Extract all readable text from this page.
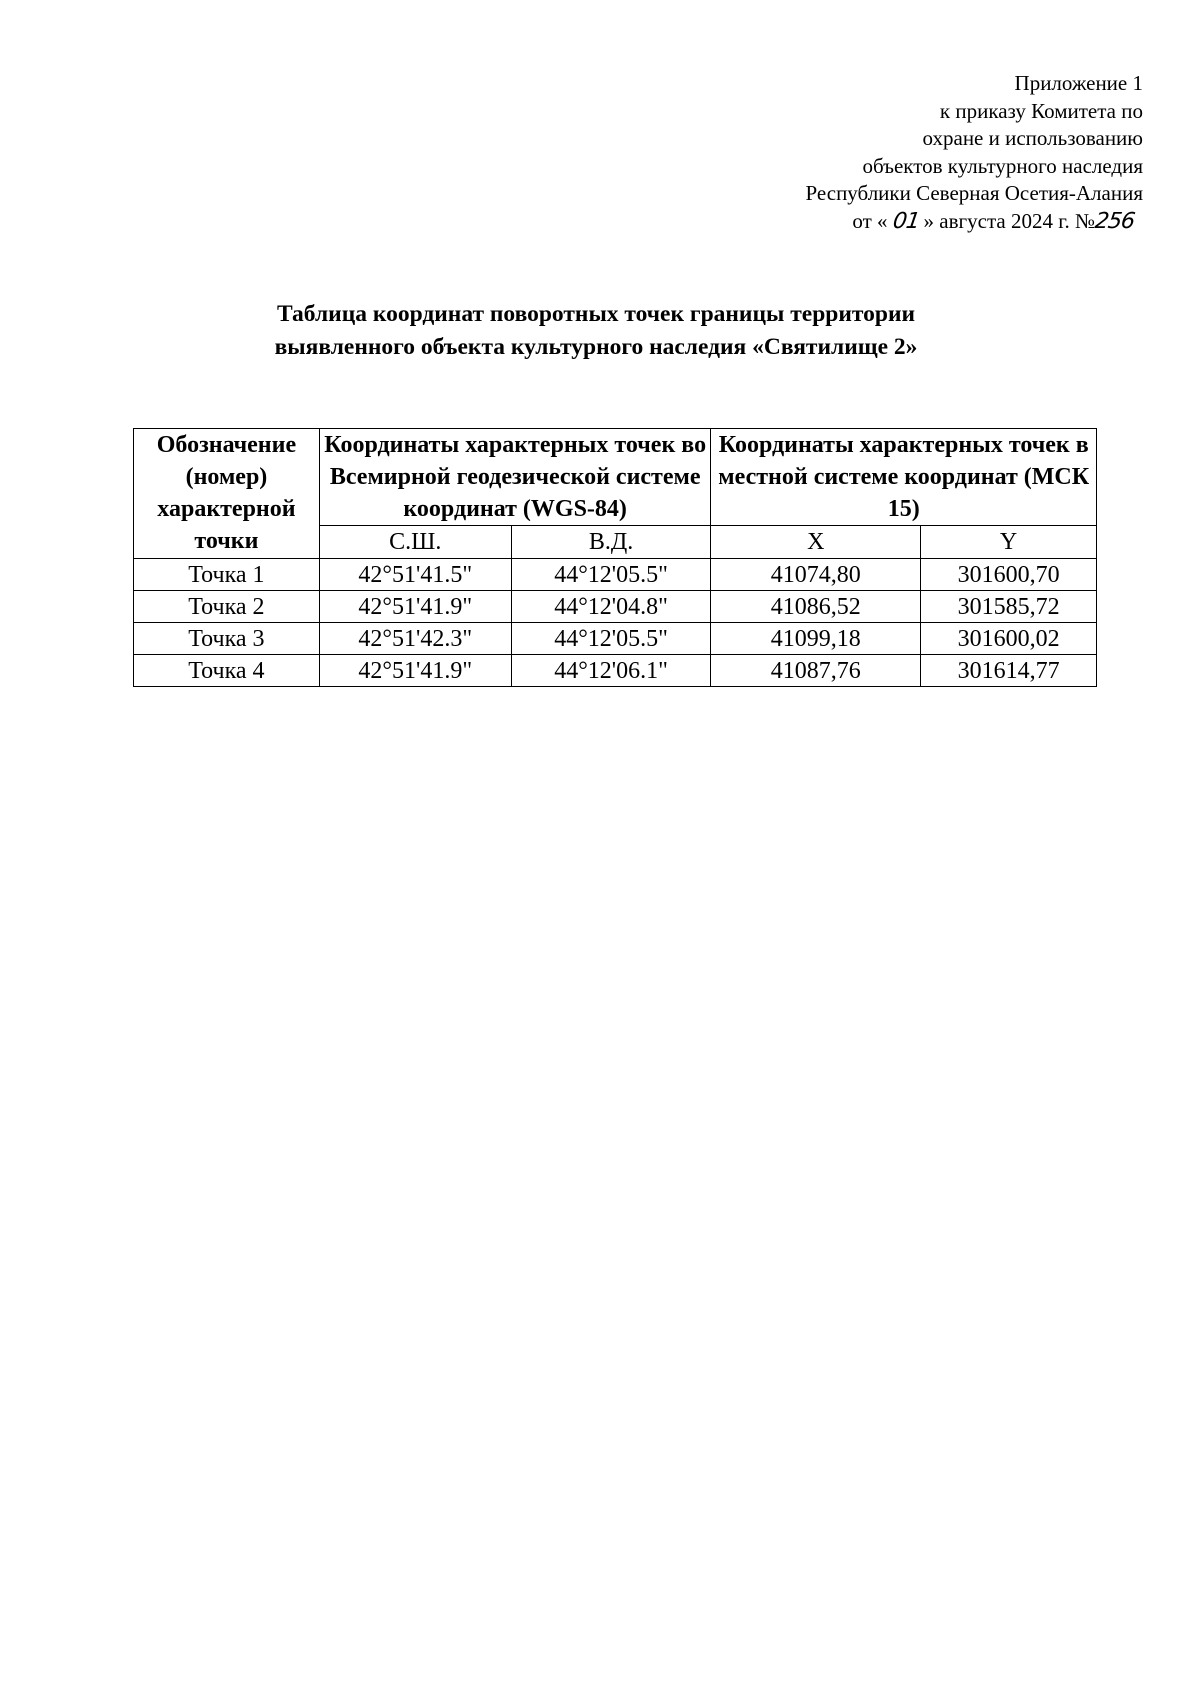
Приложение 1
к приказу Комитета по
охране и использованию
объектов культурного наследия
Республики Северная Осетия-Алания
от « 01 » августа 2024 г. №256
Таблица координат поворотных точек границы территории
выявленного объекта культурного наследия «Святилище 2»
Обозначение (номер) характерной точки	Координаты характерных точек во Всемирной геодезической системе координат (WGS-84)		Координаты характерных точек в местной системе координат (МСК 15)	
	С.Ш.	В.Д.	X	Y
Точка 1	42°51'41.5"	44°12'05.5"	41074,80	301600,70
Точка 2	42°51'41.9"	44°12'04.8"	41086,52	301585,72
Точка 3	42°51'42.3"	44°12'05.5"	41099,18	301600,02
Точка 4	42°51'41.9"	44°12'06.1"	41087,76	301614,77
